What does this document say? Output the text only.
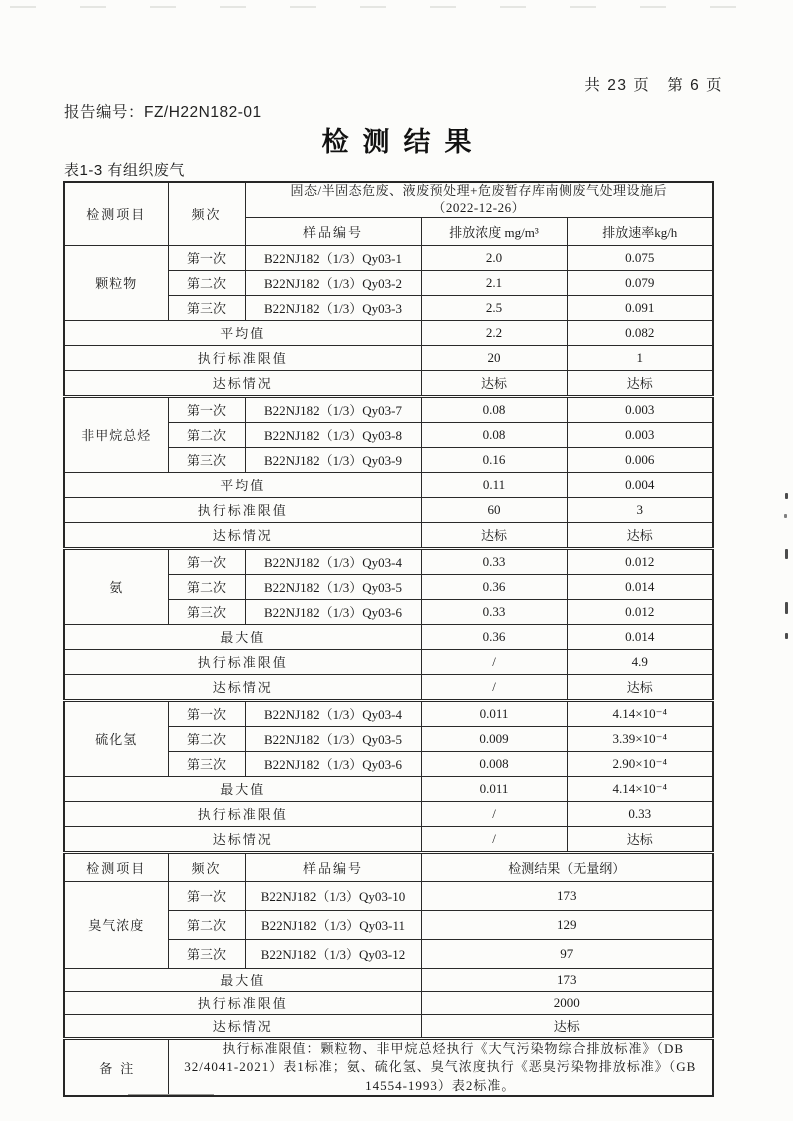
共 23 页　第 6 页
报告编号：FZ/H22N182-01
检测结果
表1-3 有组织废气
检测项目	频次	固态/半固态危废、液废预处理+危废暂存库南侧废气处理设施后
（2022-12-26）		

		样品编号	排放浓度 mg/m³	排放速率kg/h
颗粒物	第一次	B22NJ182（1/3）Qy03-1	2.0	0.075
	第二次	B22NJ182（1/3）Qy03-2	2.1	0.079
	第三次	B22NJ182（1/3）Qy03-3	2.5	0.091
平均值			2.2	0.082
执行标准限值			20	1
达标情况			达标	达标
非甲烷总烃	第一次	B22NJ182（1/3）Qy03-7	0.08	0.003
	第二次	B22NJ182（1/3）Qy03-8	0.08	0.003
	第三次	B22NJ182（1/3）Qy03-9	0.16	0.006
平均值			0.11	0.004
执行标准限值			60	3
达标情况			达标	达标
氨	第一次	B22NJ182（1/3）Qy03-4	0.33	0.012
	第二次	B22NJ182（1/3）Qy03-5	0.36	0.014
	第三次	B22NJ182（1/3）Qy03-6	0.33	0.012
最大值			0.36	0.014
执行标准限值			/	4.9
达标情况			/	达标
硫化氢	第一次	B22NJ182（1/3）Qy03-4	0.011	4.14×10⁻⁴
	第二次	B22NJ182（1/3）Qy03-5	0.009	3.39×10⁻⁴
	第三次	B22NJ182（1/3）Qy03-6	0.008	2.90×10⁻⁴
最大值			0.011	4.14×10⁻⁴
执行标准限值			/	0.33
达标情况			/	达标
检测项目	频次	样品编号	检测结果（无量纲）	
臭气浓度	第一次	B22NJ182（1/3）Qy03-10	173	
	第二次	B22NJ182（1/3）Qy03-11	129	
	第三次	B22NJ182（1/3）Qy03-12	97	
最大值			173	
执行标准限值			2000	
达标情况			达标	
备注	执行标准限值：颗粒物、非甲烷总烃执行《大气污染物综合排放标准》（DB 32/4041-2021）表1标准；氨、硫化氢、臭气浓度执行《恶臭污染物排放标准》（GB 14554-1993）表2标准。			
